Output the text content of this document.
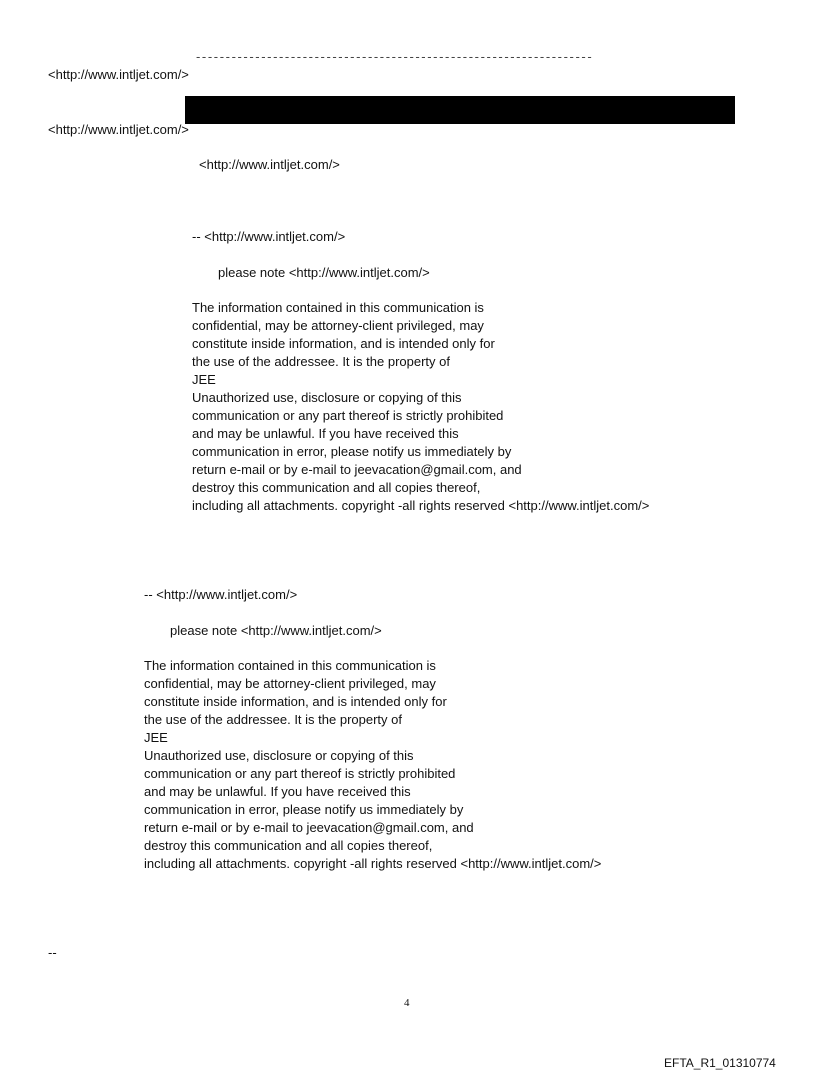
-------------------------------------------------------------------
<http://www.intljet.com/>
<http://www.intljet.com/>
<http://www.intljet.com/>
-- <http://www.intljet.com/>
please note <http://www.intljet.com/>
The information contained in this communication is
confidential, may be attorney-client privileged, may
constitute inside information, and is intended only for
the use of the addressee. It is the property of
JEE
Unauthorized use, disclosure or copying of this
communication or any part thereof is strictly prohibited
and may be unlawful. If you have received this
communication in error, please notify us immediately by
return e-mail or by e-mail to jeevacation@gmail.com, and
destroy this communication and all copies thereof,
including all attachments. copyright -all rights reserved <http://www.intljet.com/>
-- <http://www.intljet.com/>
please note <http://www.intljet.com/>
The information contained in this communication is
confidential, may be attorney-client privileged, may
constitute inside information, and is intended only for
the use of the addressee. It is the property of
JEE
Unauthorized use, disclosure or copying of this
communication or any part thereof is strictly prohibited
and may be unlawful. If you have received this
communication in error, please notify us immediately by
return e-mail or by e-mail to jeevacation@gmail.com, and
destroy this communication and all copies thereof,
including all attachments. copyright -all rights reserved <http://www.intljet.com/>
--
4
EFTA_R1_01310774
